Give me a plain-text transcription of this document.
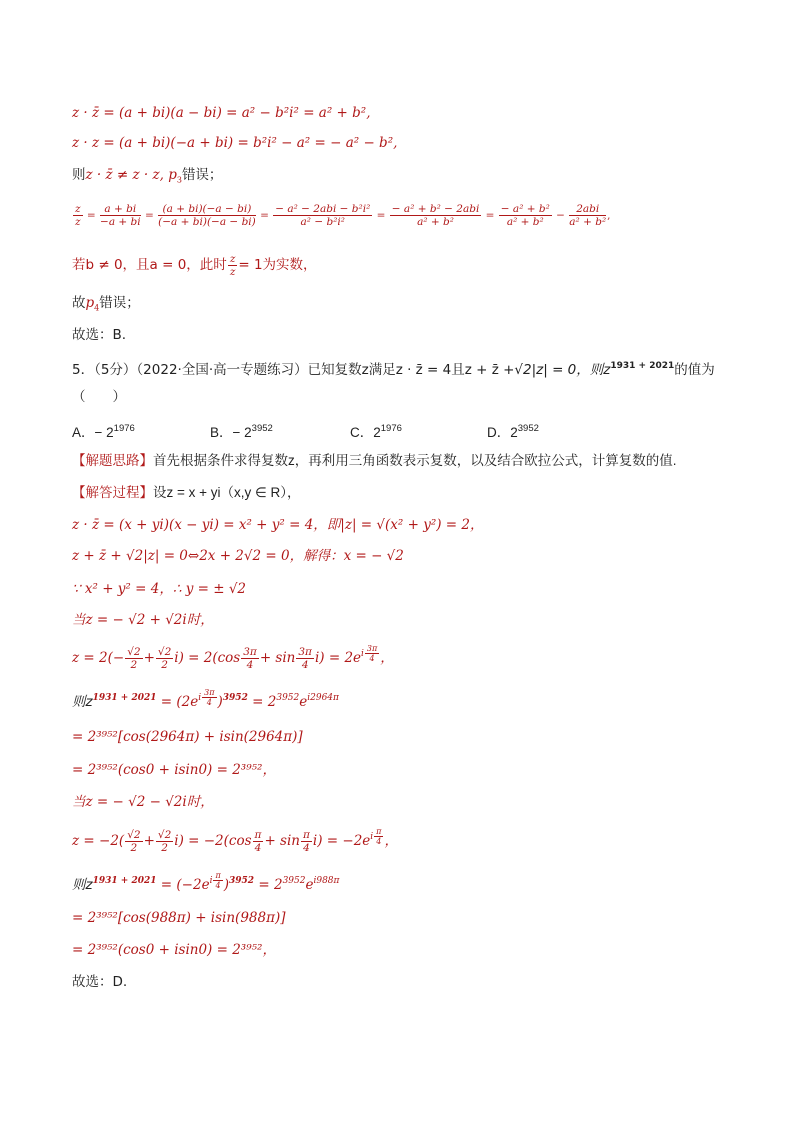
z · z̄ = (a + bi)(a − bi) = a² − b²i² = a² + b²,
z · z = (a + bi)(−a + bi) = b²i² − a² = − a² − b²,
则z · z̄ ≠ z · z, $p_3$错误；
$\frac{z}{z} = \frac{a + bi}{-a + bi} = \frac{(a + bi)(-a - bi)}{(-a + bi)(-a - bi)} = \frac{\text{− a² − 2abi − b²i²}}{\text{a² − b²i²}} = \frac{\text{− a² + b² − 2abi}}{\text{a² + b²}} = \frac{\text{− a² + b²}}{\text{a² + b²}} - \frac{\text{2abi}}{\text{a² + b²}}$ ,
若b ≠ 0，且a = 0，此时 $\frac{z}{z} = 1$为实数，
故$p_4$错误；
故选：B.
5．（5分）（2022·全国·高一专题练习）已知复数z满足z · z̄ = 4且z + z̄ +√2|z| = 0，则$z^{1931 + 2021}$的值为
（　　）
A．− $2^{1976}$	B．− $2^{3952}$	C．$2^{1976}$	D．$2^{3952}$
【解题思路】首先根据条件求得复数z，再利用三角函数表示复数，以及结合欧拉公式，计算复数的值.
【解答过程】设z = x + yi（x,y ∈ R），
z · z̄ = (x + yi)(x − yi) = x² + y² = 4，即|z| = √(x² + y²) = 2，
z + z̄ + √2|z| = 0⇔2x + 2√2 = 0，解得：x = − √2
∵ x² + y² = 4，∴ y = ± √2
当z = − √2 + √2i时，
$z = 2(- \frac{√2}{2} + \frac{√2}{2} i) = 2(\cos \frac{3\pi}{4} + \sin \frac{3\pi}{4} i) = 2e^{i \frac{3\pi}{4}}$ ，
则$z^{1931 + 2021} = (2e^{i \frac{3\pi}{4}}$ )$^{3952} = 2^{3952}e^{i2964\pi}$
= 2³⁹⁵²[cos(2964π) + isin(2964π)]
= 2³⁹⁵²(cos0 + isin0) = 2³⁹⁵²，
当z = − √2 − √2i时，
$z = -2( \frac{√2}{2} + \frac{√2}{2} i) = -2(\cos \frac{\pi}{4} + \sin \frac{\pi}{4} i) = -2e^{i \frac{\pi}{4}}$ ，
则$z^{1931 + 2021} = (-2e^{i \frac{\pi}{4}}$ )$^{3952} = 2^{3952}e^{i988\pi}$
= 2³⁹⁵²[cos(988π) + isin(988π)]
= 2³⁹⁵²(cos0 + isin0) = 2³⁹⁵²，
故选：D.
